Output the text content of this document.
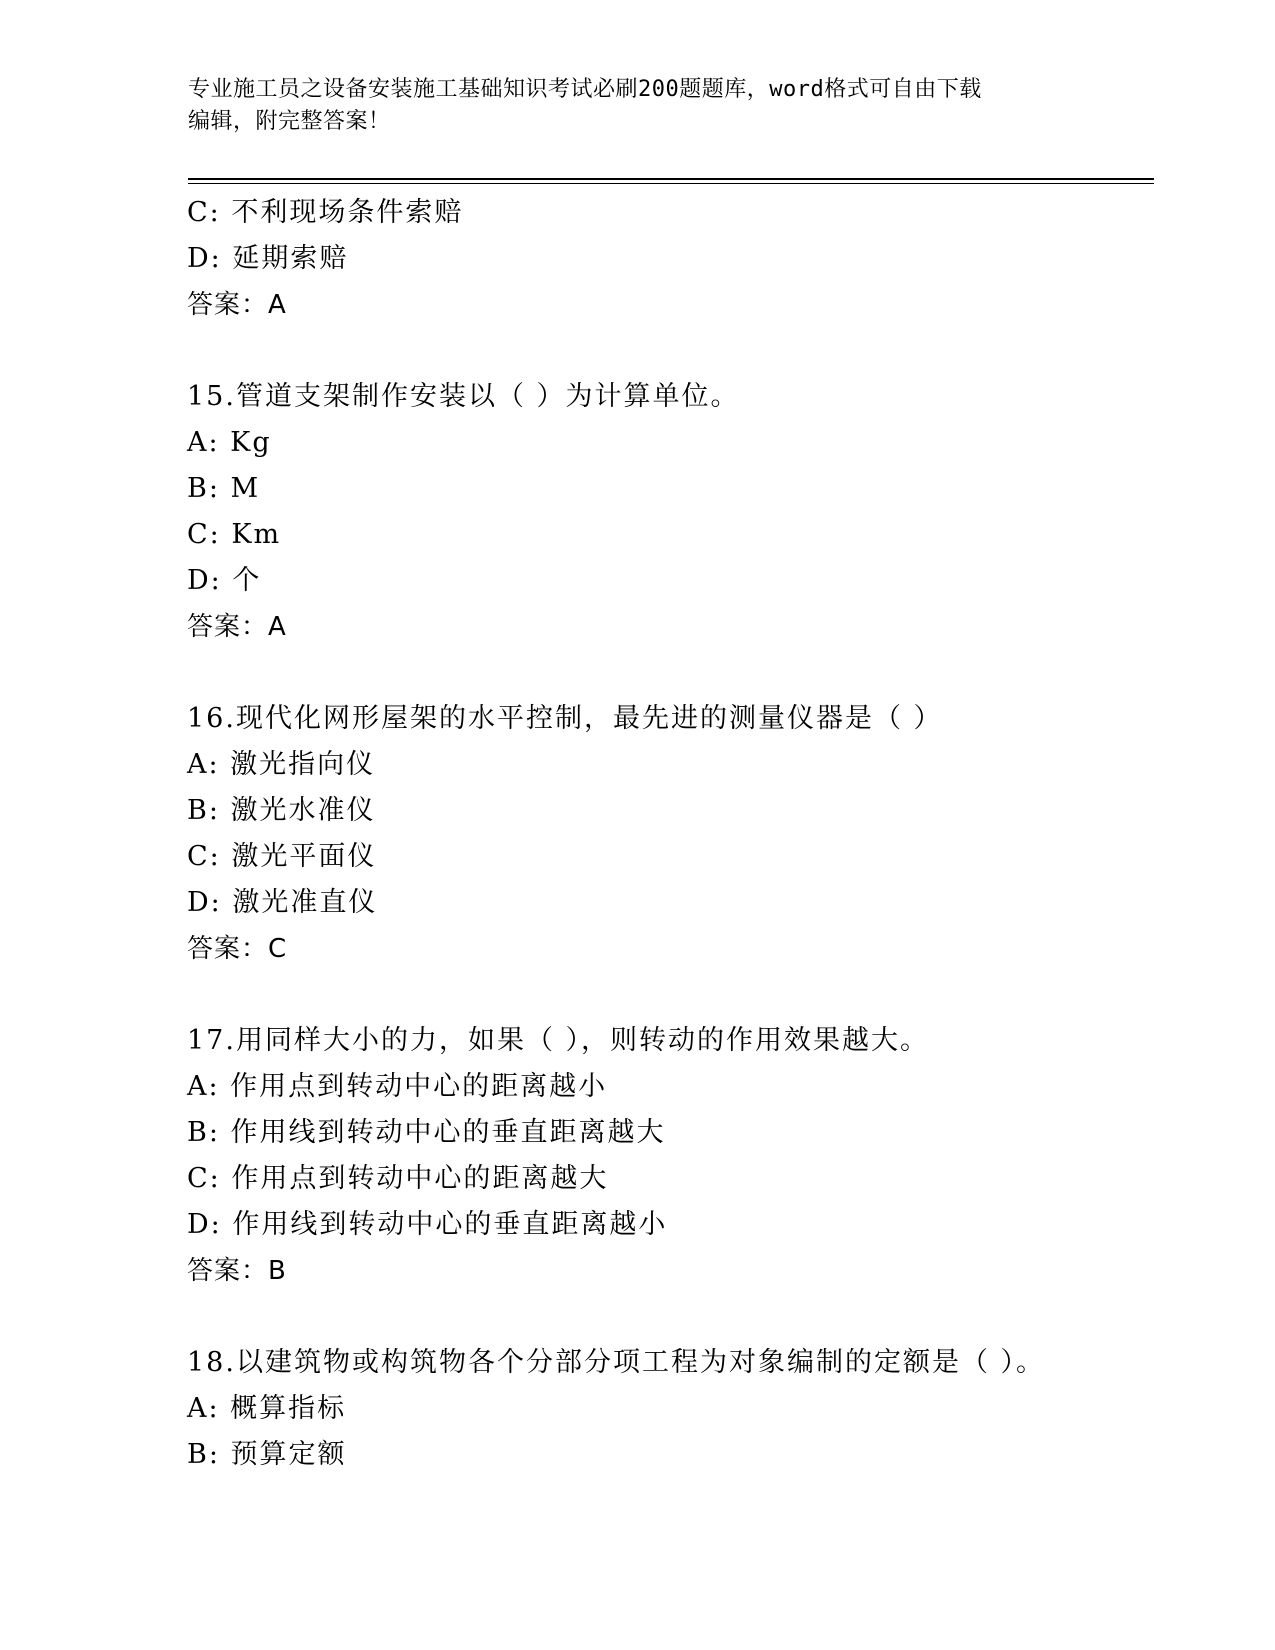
专业施工员之设备安装施工基础知识考试必刷200题题库，word格式可自由下载
编辑，附完整答案！
C: 不利现场条件索赔
D: 延期索赔
答案：A
15.管道支架制作安装以（ ）为计算单位。
A: Kg
B: M
C: Km
D: 个
答案：A
16.现代化网形屋架的水平控制，最先进的测量仪器是（ ）
A: 激光指向仪
B: 激光水准仪
C: 激光平面仪
D: 激光准直仪
答案：C
17.用同样大小的力，如果（ ），则转动的作用效果越大。
A: 作用点到转动中心的距离越小
B: 作用线到转动中心的垂直距离越大
C: 作用点到转动中心的距离越大
D: 作用线到转动中心的垂直距离越小
答案：B
18.以建筑物或构筑物各个分部分项工程为对象编制的定额是（ ）。
A: 概算指标
B: 预算定额
